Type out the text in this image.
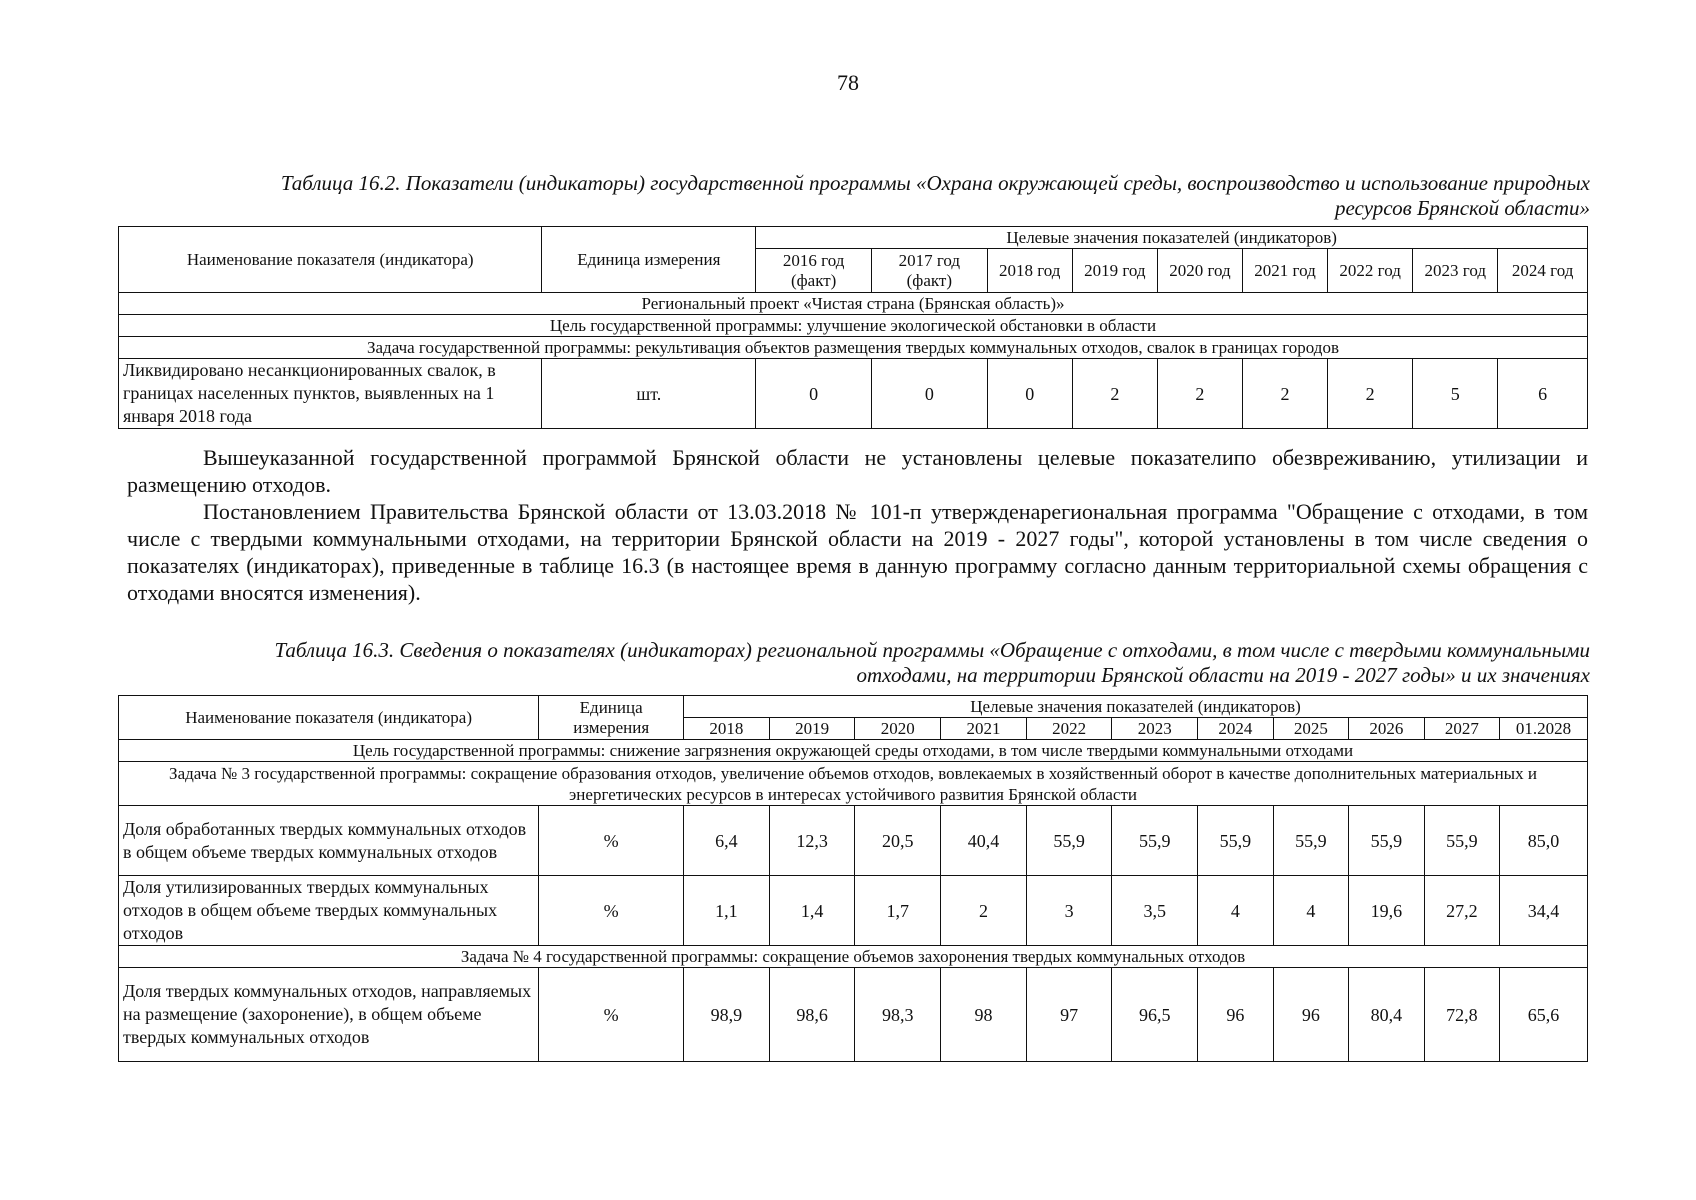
78
Таблица 16.2. Показатели (индикаторы) государственной программы «Охрана окружающей среды, воспроизводство и использование природных ресурсов Брянской области»
Наименование показателя (индикатора)	Единица измерения	Целевые значения показателей (индикаторов)								
		2016 год (факт)	2017 год (факт)	2018 год	2019 год	2020 год	2021 год	2022 год	2023 год	2024 год
Региональный проект «Чистая страна (Брянская область)»										
Цель государственной программы: улучшение экологической обстановки в области										
Задача государственной программы: рекультивация объектов размещения твердых коммунальных отходов, свалок в границах городов										
Ликвидировано несанкционированных свалок, в границах населенных пунктов, выявленных на 1 января 2018 года	шт.	0	0	0	2	2	2	2	5	6
Вышеуказанной государственной программой Брянской области не установлены целевые показателипо обезвреживанию, утилизации и размещению отходов.
Постановлением Правительства Брянской области от 13.03.2018 № 101-п утвержденарегиональная программа "Обращение с отходами, в том числе с твердыми коммунальными отходами, на территории Брянской области на 2019 - 2027 годы", которой установлены в том числе сведения о показателях (индикаторах), приведенные в таблице 16.3 (в настоящее время в данную программу согласно данным территориальной схемы обращения с отходами вносятся изменения).
Таблица 16.3. Сведения о показателях (индикаторах) региональной программы «Обращение с отходами, в том числе с твердыми коммунальными отходами, на территории Брянской области на 2019 - 2027 годы» и их значениях
Наименование показателя (индикатора)	Единица измерения	Целевые значения показателей (индикаторов)										
		2018	2019	2020	2021	2022	2023	2024	2025	2026	2027	01.2028
Цель государственной программы: снижение загрязнения окружающей среды отходами, в том числе твердыми коммунальными отходами												
Задача № 3 государственной программы: сокращение образования отходов, увеличение объемов отходов, вовлекаемых в хозяйственный оборот в качестве дополнительных материальных и энергетических ресурсов в интересах устойчивого развития Брянской области												
Доля обработанных твердых коммунальных отходов в общем объеме твердых коммунальных отходов	%	6,4	12,3	20,5	40,4	55,9	55,9	55,9	55,9	55,9	55,9	85,0
Доля утилизированных твердых коммунальных отходов в общем объеме твердых коммунальных отходов	%	1,1	1,4	1,7	2	3	3,5	4	4	19,6	27,2	34,4
Задача № 4 государственной программы: сокращение объемов захоронения твердых коммунальных отходов												
Доля твердых коммунальных отходов, направляемых на размещение (захоронение), в общем объеме твердых коммунальных отходов	%	98,9	98,6	98,3	98	97	96,5	96	96	80,4	72,8	65,6
